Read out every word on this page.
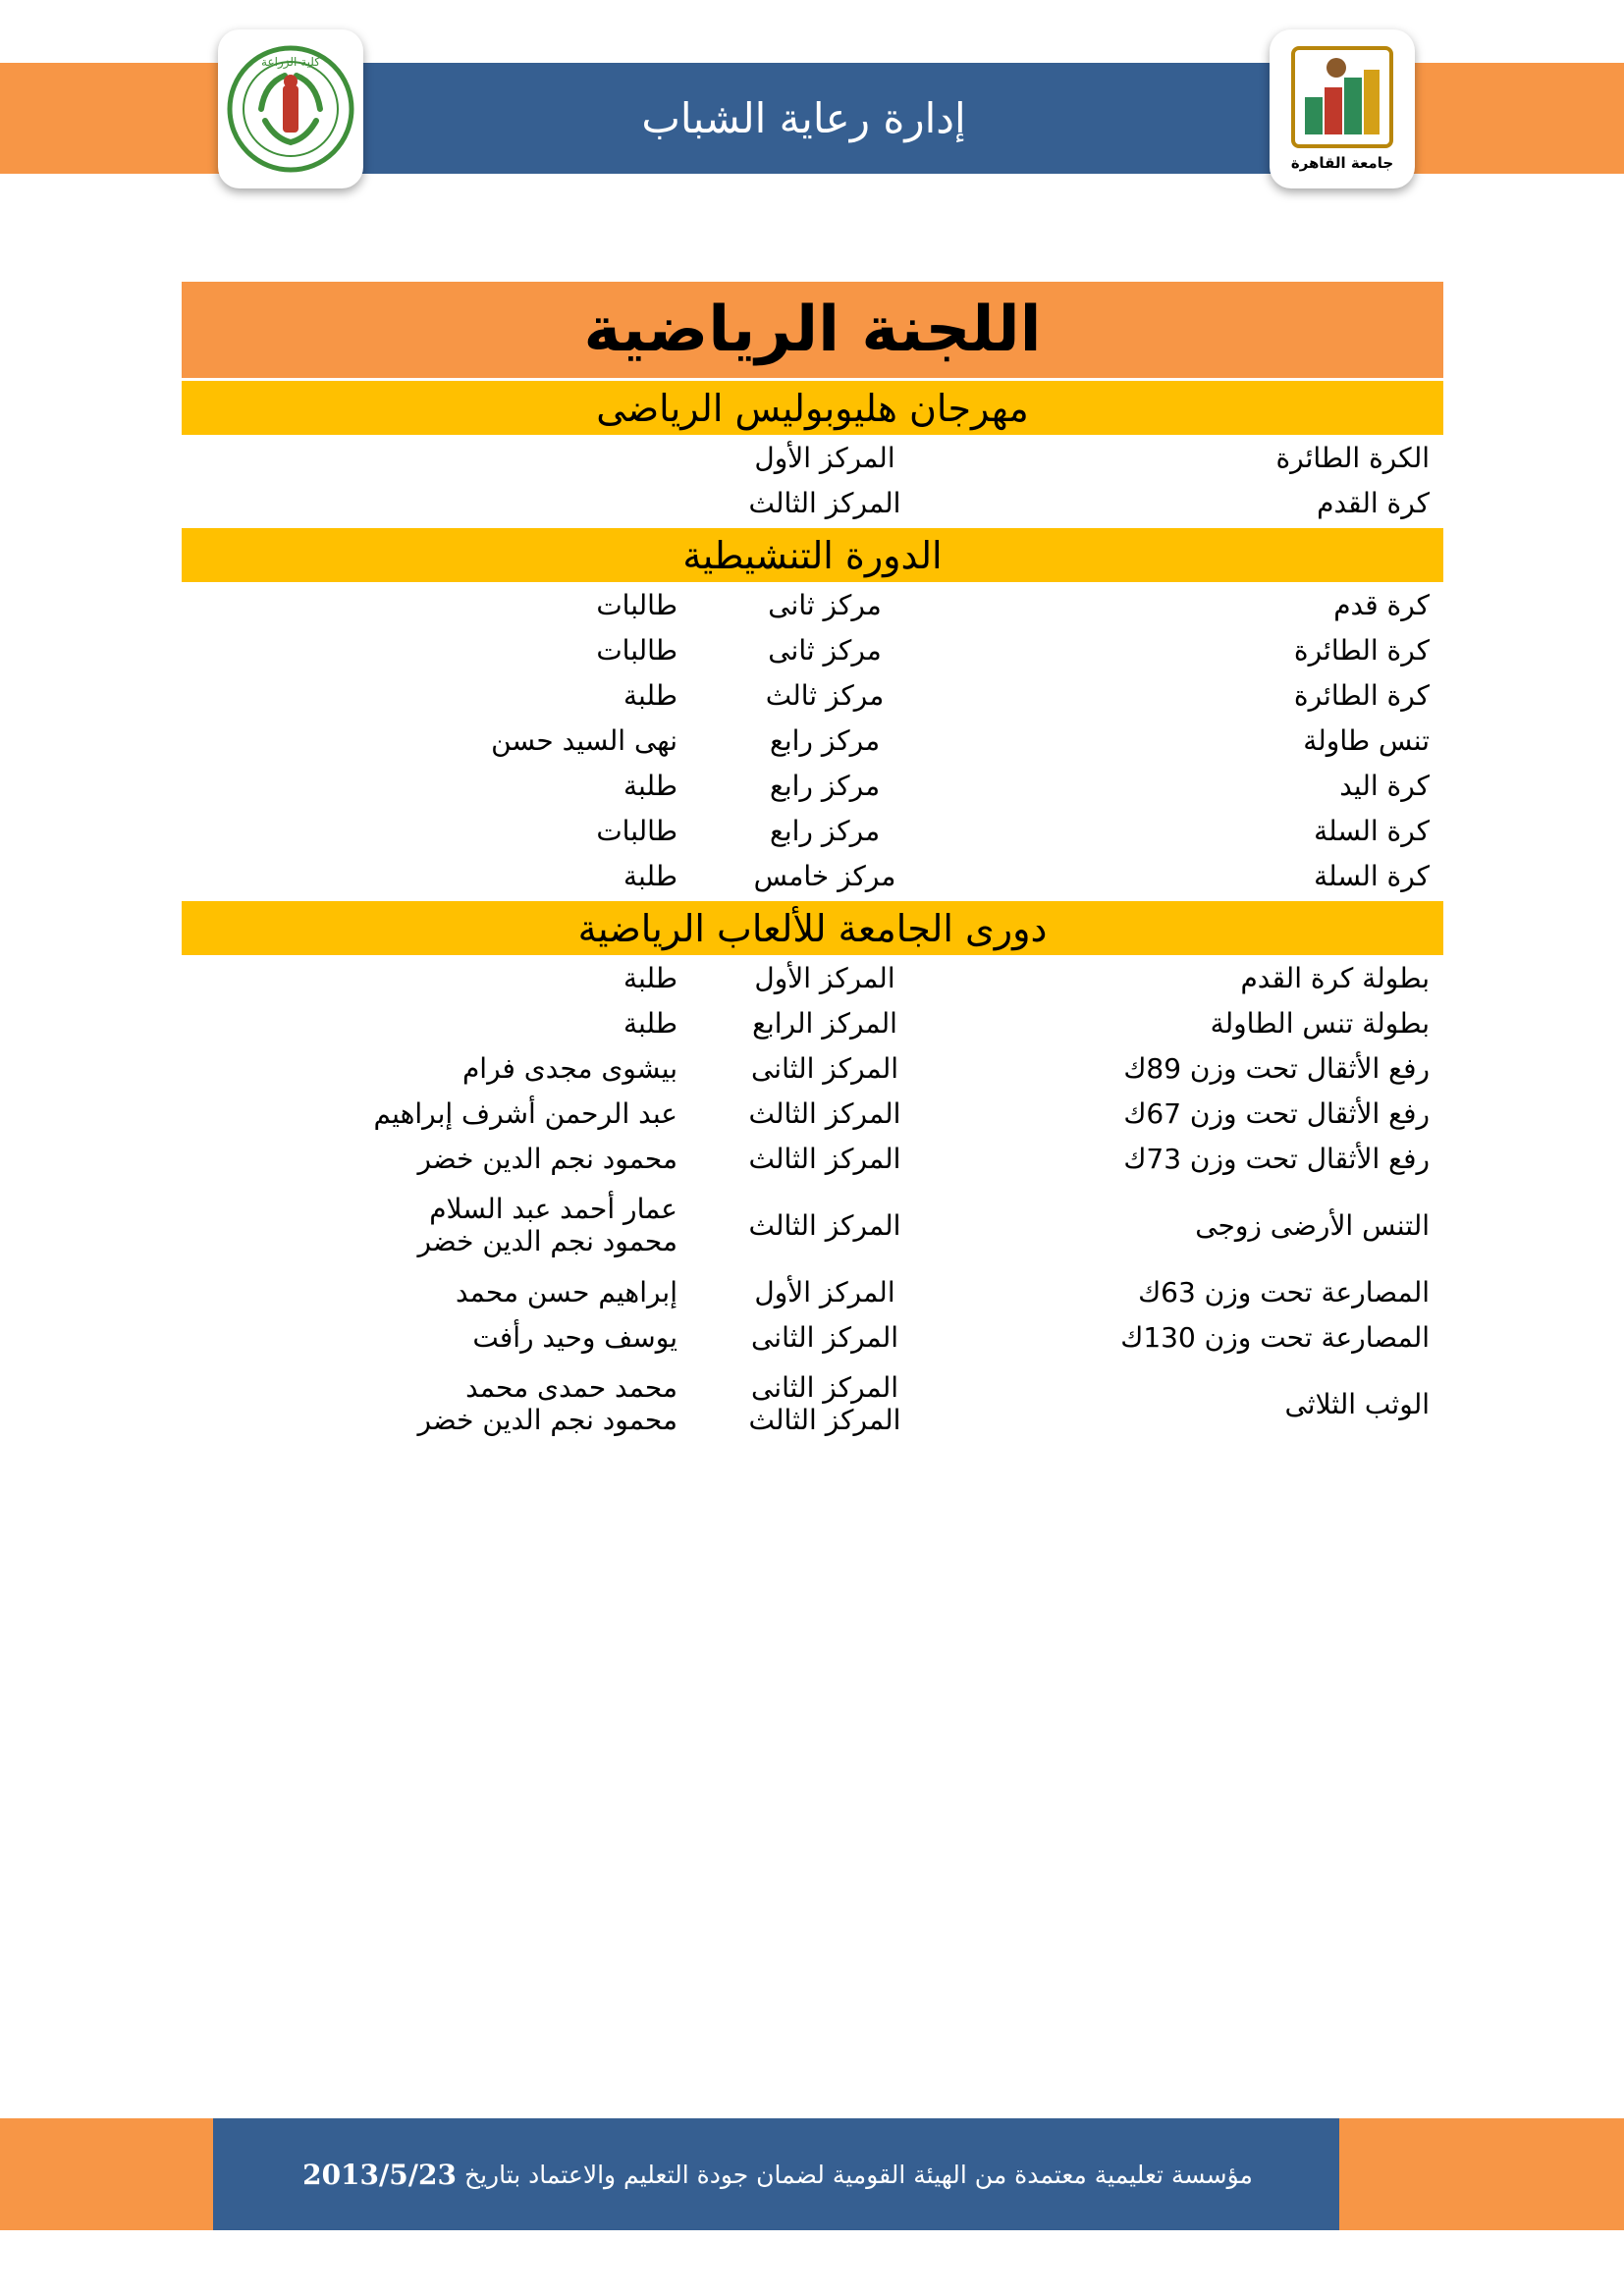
إدارة رعاية الشباب
كلية الزراعة
جامعة القاهرة
اللجنة الرياضية
مهرجان هليوبوليس الرياضى
الكرة الطائرة
المركز الأول
كرة القدم
المركز الثالث
الدورة التنشيطية
كرة قدم
مركز ثانى
طالبات
كرة الطائرة
مركز ثانى
طالبات
كرة الطائرة
مركز ثالث
طلبة
تنس طاولة
مركز رابع
نهى السيد حسن
كرة اليد
مركز رابع
طلبة
كرة السلة
مركز رابع
طالبات
كرة السلة
مركز خامس
طلبة
دورى الجامعة للألعاب الرياضية
بطولة كرة القدم
المركز الأول
طلبة
بطولة تنس الطاولة
المركز الرابع
طلبة
رفع الأثقال تحت وزن 89ك
المركز الثانى
بيشوى مجدى فرام
رفع الأثقال تحت وزن 67ك
المركز الثالث
عبد الرحمن أشرف إبراهيم
رفع الأثقال تحت وزن 73ك
المركز الثالث
محمود نجم الدين خضر
التنس الأرضى زوجى
المركز الثالث
عمار أحمد عبد السلام
محمود نجم الدين خضر
المصارعة تحت وزن 63ك
المركز الأول
إبراهيم حسن محمد
المصارعة تحت وزن 130ك
المركز الثانى
يوسف وحيد رأفت
الوثب الثلاثى
المركز الثانى
المركز الثالث
محمد حمدى محمد
محمود نجم الدين خضر
مؤسسة تعليمية معتمدة من الهيئة القومية لضمان جودة التعليم والاعتماد بتاريخ
2013/5/23
